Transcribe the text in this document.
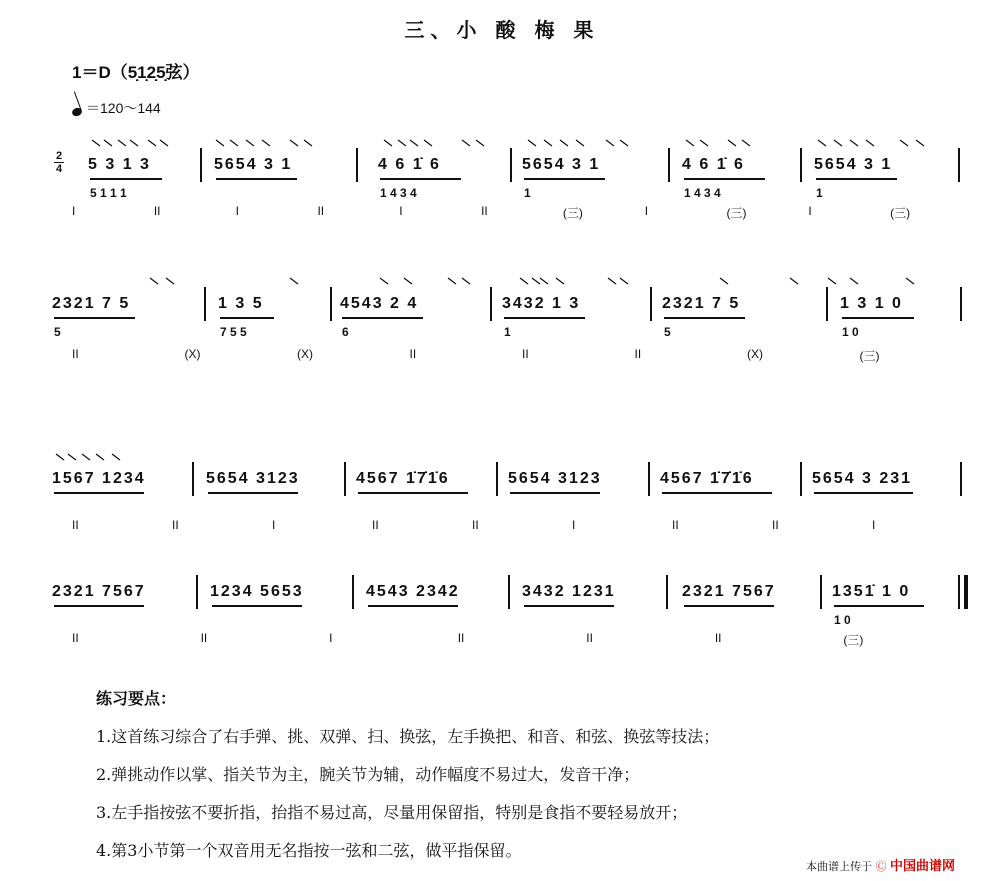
三、小 酸 梅 果
1＝D（5̣1̣2̣5̣弦）
＝120～144
2
4 5 3 1 3
5 1 1 1
5654 3 1	4 6 1̇ 6
1 4 3 4
5654 3 1
1
4 6 1̇ 6
1 4 3 4
5654 3 1
1
I	II	I	II	I	II	(三)	I	(三)	I	(三)
2321 7 5
5
1 3 5
7 5 5
4543 2 4
6
3432 1 3
1
2321 7 5
5
1 3 1 0
1 0
II	(X)	(X)	II	II	II	(X)	(三)
1567 1234	5654 3123	4567 1̇7̇1̇6	5654 3123	4567 1̇7̇1̇6	5654 3 231
II	II	I	II	II	I	II	II	I
2321 7567	1234 5653	4543 2342	3432 1231	2321 7567	1351̇ 1 0
1 0
II	II	I	II	II	II	(三)
练习要点：
1.这首练习综合了右手弹、挑、双弹、扫、换弦，左手换把、和音、和弦、换弦等技法；
2.弹挑动作以掌、指关节为主，腕关节为辅，动作幅度不易过大，发音干净；
3.左手指按弦不要折指，抬指不易过高，尽量用保留指，特别是食指不要轻易放开；
4.第3小节第一个双音用无名指按一弦和二弦，做平指保留。
本曲谱上传于 Ⓒ 中国曲谱网
